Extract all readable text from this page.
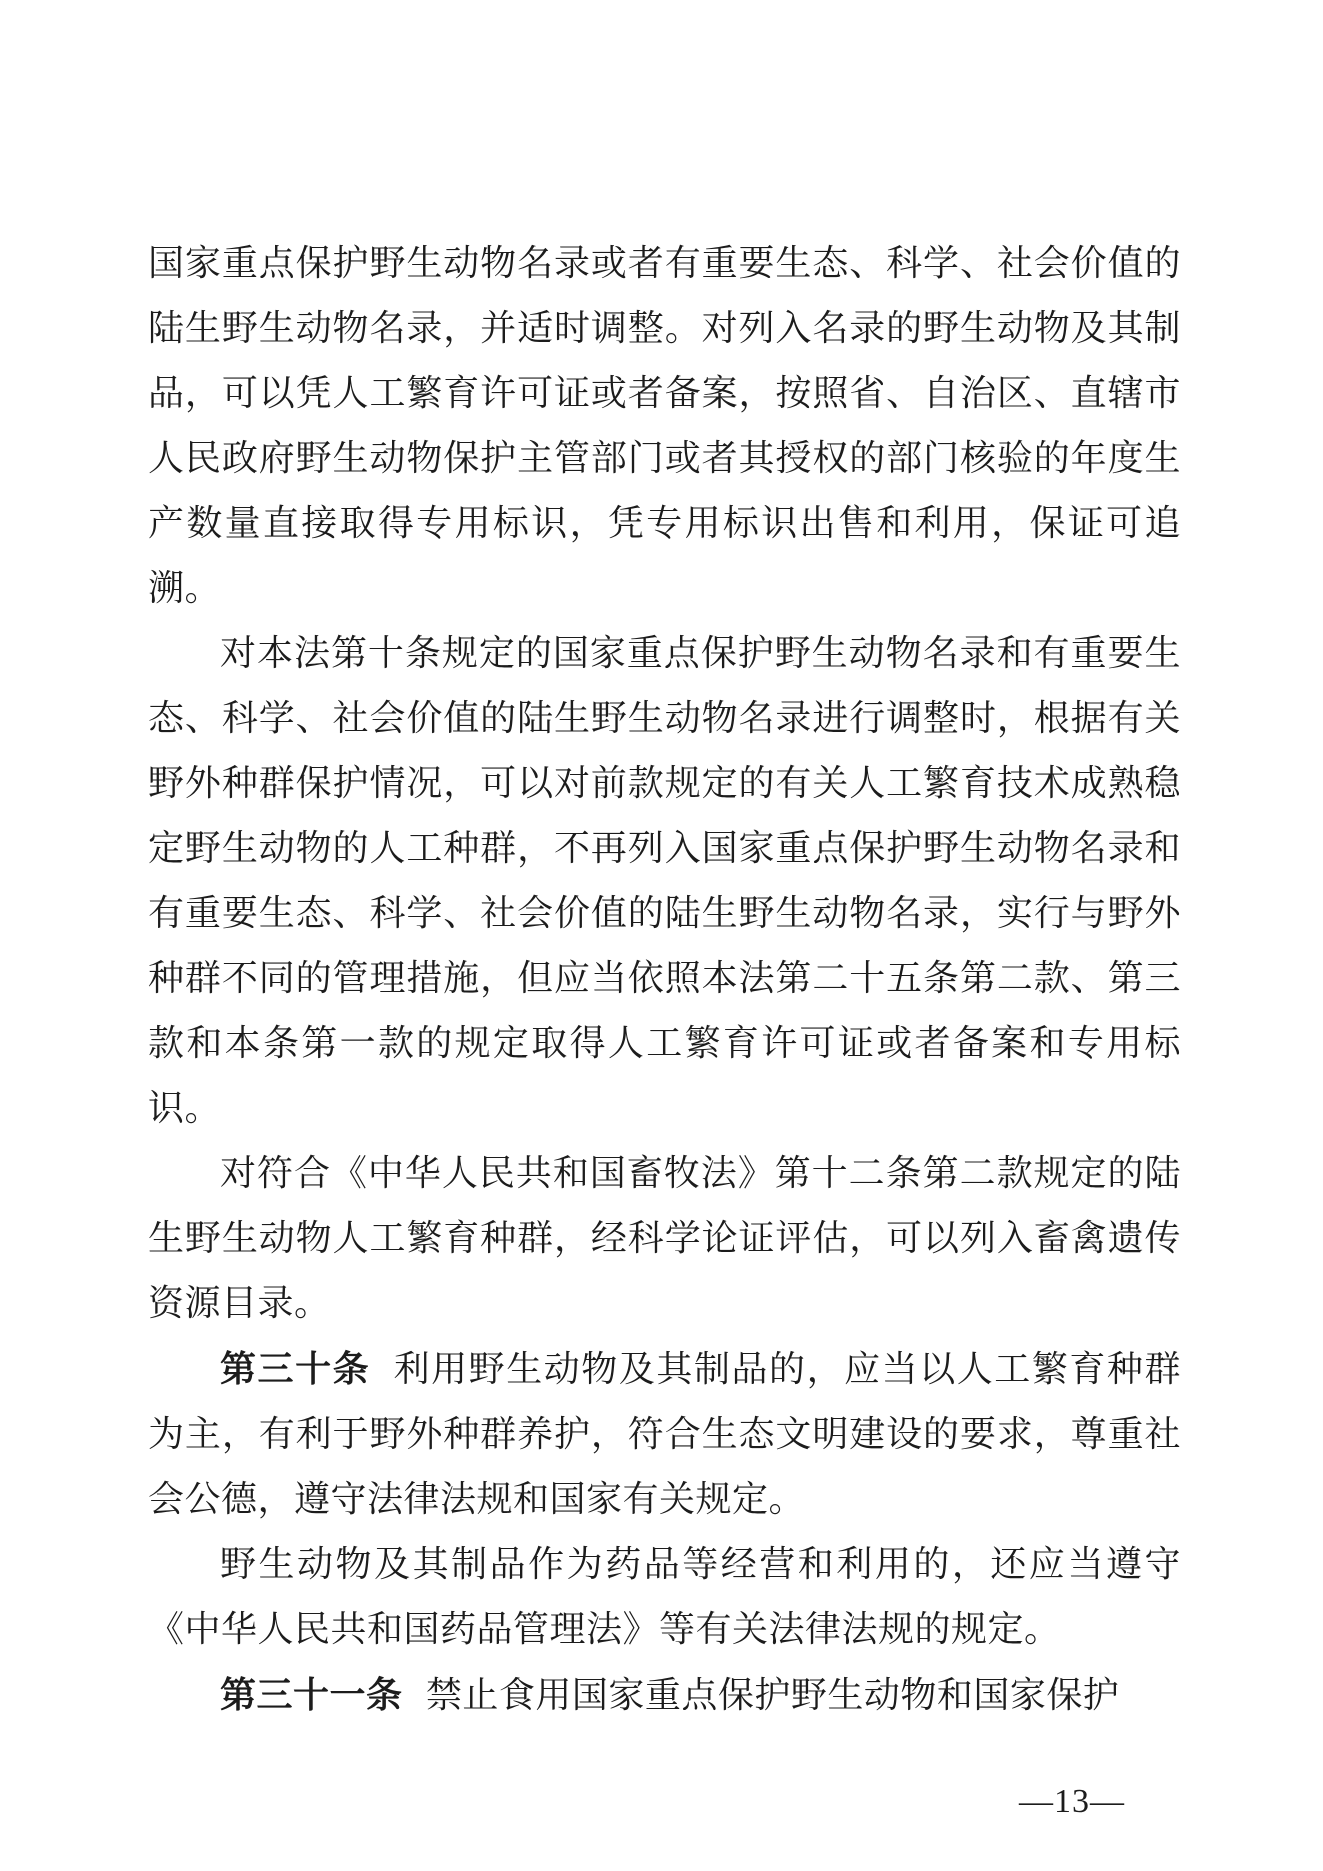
国家重点保护野生动物名录或者有重要生态、科学、社会价值的陆生野生动物名录，并适时调整。对列入名录的野生动物及其制品，可以凭人工繁育许可证或者备案，按照省、自治区、直辖市人民政府野生动物保护主管部门或者其授权的部门核验的年度生产数量直接取得专用标识，凭专用标识出售和利用，保证可追溯。

对本法第十条规定的国家重点保护野生动物名录和有重要生态、科学、社会价值的陆生野生动物名录进行调整时，根据有关野外种群保护情况，可以对前款规定的有关人工繁育技术成熟稳定野生动物的人工种群，不再列入国家重点保护野生动物名录和有重要生态、科学、社会价值的陆生野生动物名录，实行与野外种群不同的管理措施，但应当依照本法第二十五条第二款、第三款和本条第一款的规定取得人工繁育许可证或者备案和专用标识。

对符合《中华人民共和国畜牧法》第十二条第二款规定的陆生野生动物人工繁育种群，经科学论证评估，可以列入畜禽遗传资源目录。

第三十条 利用野生动物及其制品的，应当以人工繁育种群为主，有利于野外种群养护，符合生态文明建设的要求，尊重社会公德，遵守法律法规和国家有关规定。

野生动物及其制品作为药品等经营和利用的，还应当遵守《中华人民共和国药品管理法》等有关法律法规的规定。

第三十一条 禁止食用国家重点保护野生动物和国家保护

—13—
